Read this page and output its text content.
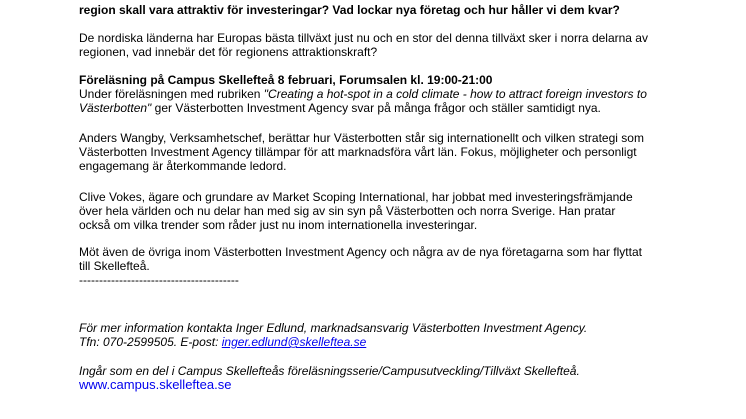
region skall vara attraktiv för investeringar? Vad lockar nya företag och hur håller vi dem kvar?
De nordiska länderna har Europas bästa tillväxt just nu och en stor del denna tillväxt sker i norra delarna av
regionen, vad innebär det för regionens attraktionskraft?
Föreläsning på Campus Skellefteå 8 februari, Forumsalen kl. 19:00-21:00
Under föreläsningen med rubriken "Creating a hot-spot in a cold climate - how to attract foreign investors to
Västerbotten" ger Västerbotten Investment Agency svar på många frågor och ställer samtidigt nya.
Anders Wangby, Verksamhetschef, berättar hur Västerbotten står sig internationellt och vilken strategi som
Västerbotten Investment Agency tillämpar för att marknadsföra vårt län. Fokus, möjligheter och personligt
engagemang är återkommande ledord.
Clive Vokes, ägare och grundare av Market Scoping International, har jobbat med investeringsfrämjande
över hela världen och nu delar han med sig av sin syn på Västerbotten och norra Sverige. Han pratar
också om vilka trender som råder just nu inom internationella investeringar.
Möt även de övriga inom Västerbotten Investment Agency och några av de nya företagarna som har flyttat
till Skellefteå.
----------------------------------------
För mer information kontakta Inger Edlund, marknadsansvarig Västerbotten Investment Agency.
Tfn: 070-2599505. E-post: inger.edlund@skelleftea.se
Ingår som en del i Campus Skellefteås föreläsningsserie/Campusutveckling/Tillväxt Skellefteå.
www.campus.skelleftea.se
